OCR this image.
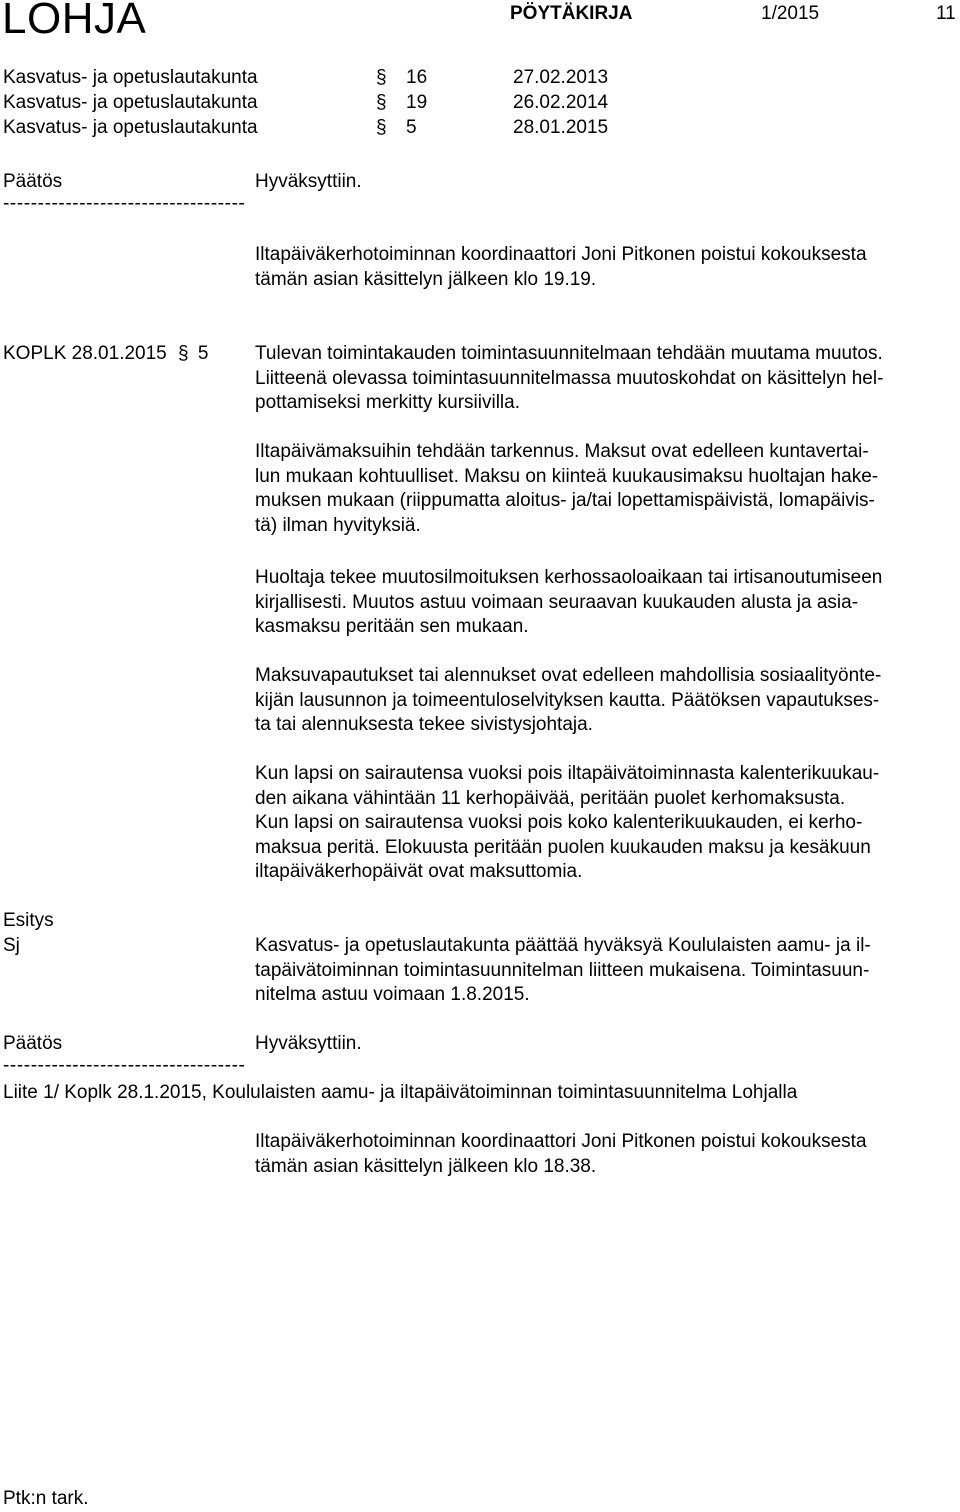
LOHJA	PÖYTÄKIRJA	1/2015	11
Kasvatus- ja opetuslautakunta	§ 16	27.02.2013
Kasvatus- ja opetuslautakunta	§ 19	26.02.2014
Kasvatus- ja opetuslautakunta	§ 5	28.01.2015
Päätös	Hyväksyttiin.
-----------------------------------
Iltapäiväkerhotoiminnan koordinaattori Joni Pitkonen poistui kokouksesta
tämän asian käsittelyn jälkeen klo 19.19.
KOPLK 28.01.2015 § 5 Tulevan toimintakauden toimintasuunnitelmaan tehdään muutama muutos.
Liitteenä olevassa toimintasuunnitelmassa muutoskohdat on käsittelyn hel-
pottamiseksi merkitty kursiivilla.
Iltapäivämaksuihin tehdään tarkennus. Maksut ovat edelleen kuntavertai-
lun mukaan kohtuulliset. Maksu on kiinteä kuukausimaksu huoltajan hake-
muksen mukaan (riippumatta aloitus- ja/tai lopettamispäivistä, lomapäivis-
tä) ilman hyvityksiä.
Huoltaja tekee muutosilmoituksen kerhossaoloaikaan tai irtisanoutumiseen
kirjallisesti. Muutos astuu voimaan seuraavan kuukauden alusta ja asia-
kasmaksu peritään sen mukaan.
Maksuvapautukset tai alennukset ovat edelleen mahdollisia sosiaalityönte-
kijän lausunnon ja toimeentuloselvityksen kautta. Päätöksen vapautukses-
ta tai alennuksesta tekee sivistysjohtaja.
Kun lapsi on sairautensa vuoksi pois iltapäivätoiminnasta kalenterikuukau-
den aikana vähintään 11 kerhopäivää, peritään puolet kerhomaksusta.
Kun lapsi on sairautensa vuoksi pois koko kalenterikuukauden, ei kerho-
maksua peritä. Elokuusta peritään puolen kuukauden maksu ja kesäkuun
iltapäiväkerhopäivät ovat maksuttomia.
Esitys
Sj	Kasvatus- ja opetuslautakunta päättää hyväksyä Koululaisten aamu- ja il-
tapäivätoiminnan toimintasuunnitelman liitteen mukaisena. Toimintasuun-
nitelma astuu voimaan 1.8.2015.
Päätös	Hyväksyttiin.
-----------------------------------
Liite 1/ Koplk 28.1.2015, Koululaisten aamu- ja iltapäivätoiminnan toimintasuunnitelma Lohjalla
Iltapäiväkerhotoiminnan koordinaattori Joni Pitkonen poistui kokouksesta
tämän asian käsittelyn jälkeen klo 18.38.
Ptk:n tark.
